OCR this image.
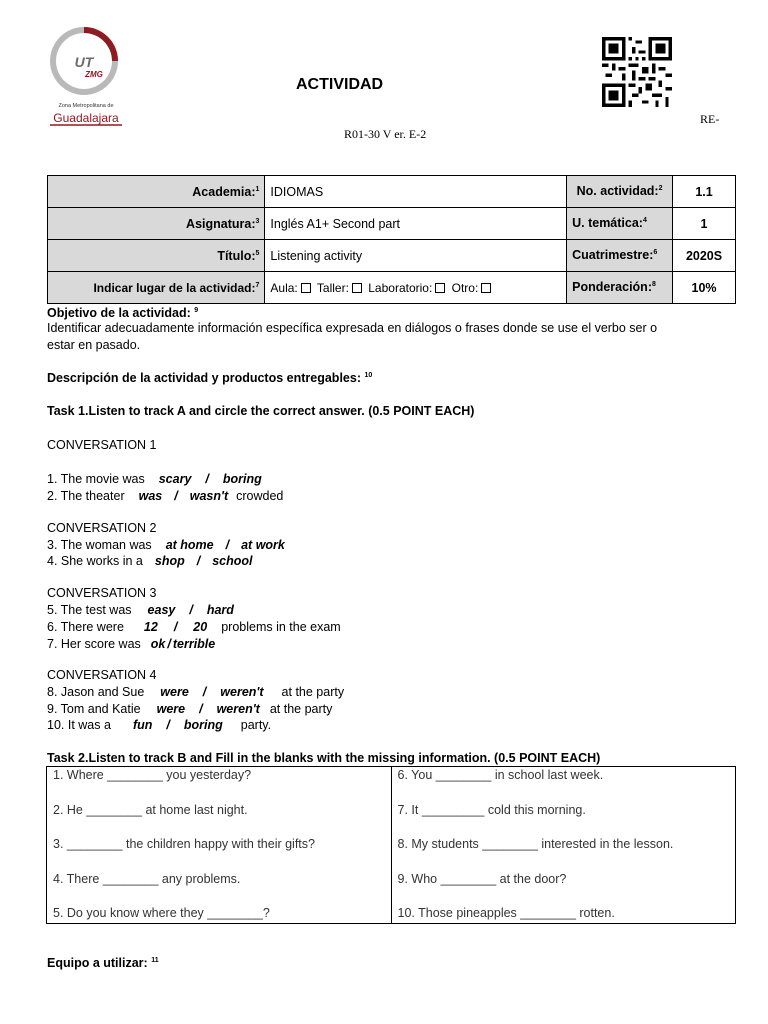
UT
ZMG
Zona Metropolitana de
Guadalajara
ACTIVIDAD
R01-30 V er. E-2
RE-
Academia:$^1$	IDIOMAS	No. actividad:$^2$	1.1
Asignatura:$^3$	Inglés A1+ Second part	U. temática:$^4$	1
Título:$^5$	Listening activity	Cuatrimestre:$^6$	2020S
Indicar lugar de la actividad:$^7$	Aula: Taller: Laboratorio: Otro:	Ponderación:$^8$	10%
Objetivo de la actividad: $^9$
Identificar adecuadamente información específica expresada en diálogos o frases donde se use el verbo ser o
estar en pasado.
Descripción de la actividad y productos entregables: $^{10}$
Task 1.Listen to track A and circle the correct answer. (0.5 POINT EACH)
CONVERSATION 1
1. The movie was scary / boring
2. The theater was / wasn't crowded
CONVERSATION 2
3. The woman was at home / at work
4. She works in a shop / school
CONVERSATION 3
5. The test was easy / hard
6. There were 12 / 20 problems in the exam
7. Her score was ok / terrible
CONVERSATION 4
8. Jason and Sue were / weren't at the party
9. Tom and Katie were / weren't at the party
10. It was a fun / boring party.
Task 2.Listen to track B and Fill in the blanks with the missing information. (0.5 POINT EACH)
1. Where ________ you yesterday?	6. You ________ in school last week.

2. He ________ at home last night.	7. It _________ cold this morning.

3. ________ the children happy with their gifts?	8. My students ________ interested in the lesson.

4. There ________ any problems.	9. Who ________ at the door?

5. Do you know where they ________?	10. Those pineapples ________ rotten.
Equipo a utilizar: $^{11}$
